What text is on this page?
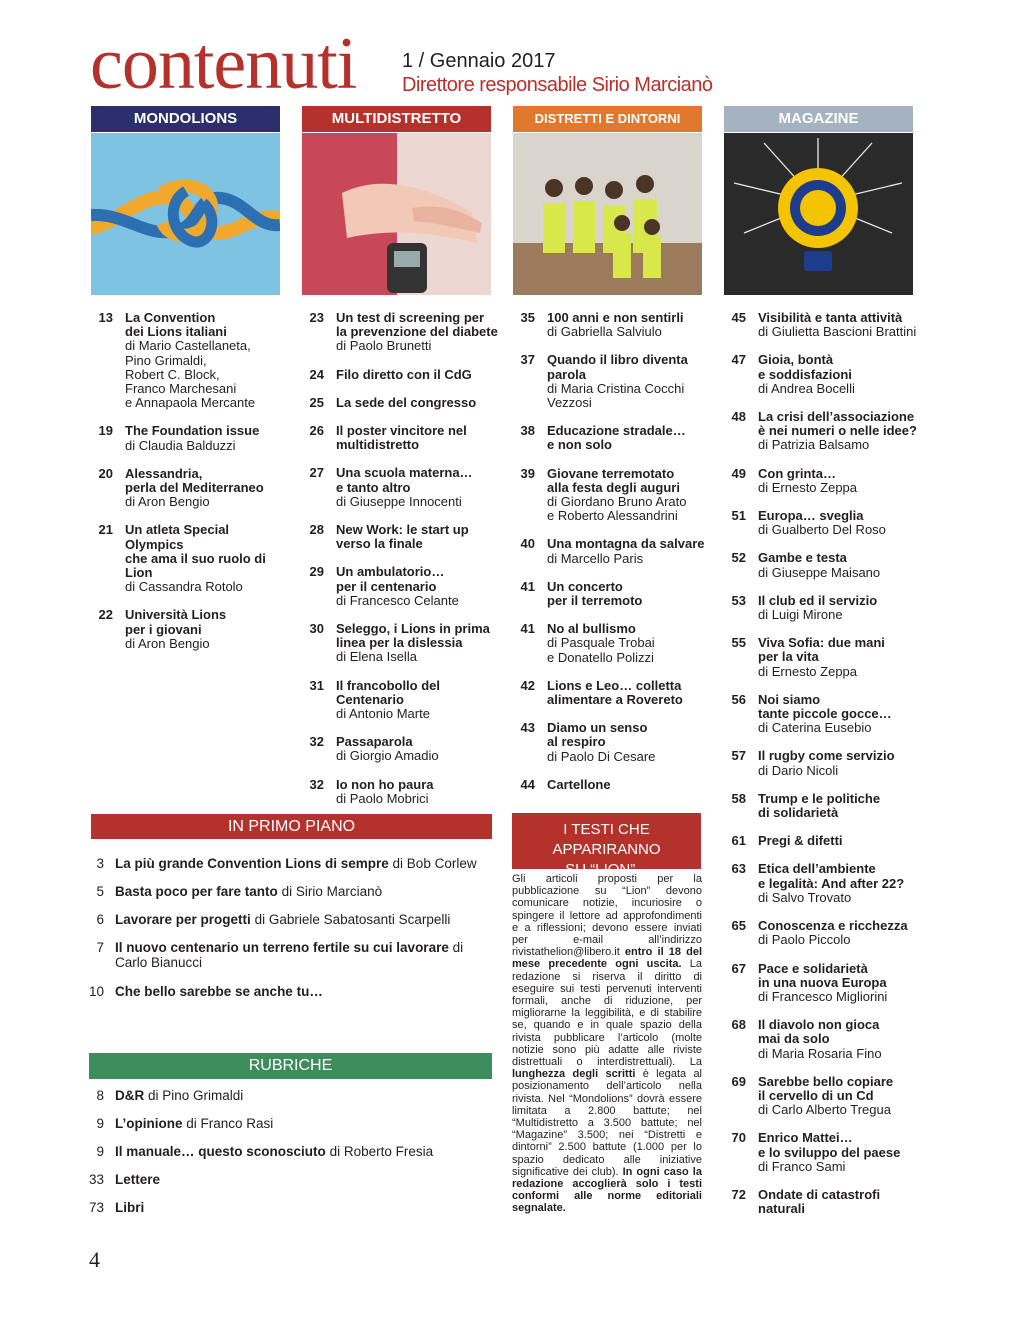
contenuti 1 / Gennaio 2017
Direttore responsabile Sirio Marcianò
MONDOLIONS	MULTIDISTRETTO	DISTRETTI E DINTORNI	MAGAZINE
13 La Convention
dei Lions italiani
di Mario Castellaneta,
Pino Grimaldi,
Robert C. Block,
Franco Marchesani
e Annapaola Mercante
19 The Foundation issue
di Claudia Balduzzi
20 Alessandria,
perla del Mediterraneo
di Aron Bengio
21 Un atleta Special Olympics
che ama il suo ruolo di Lion
di Cassandra Rotolo
22 Università Lions
per i giovani
di Aron Bengio
23 Un test di screening per
la prevenzione del diabete
di Paolo Brunetti
24 Filo diretto con il CdG
25 La sede del congresso
26 Il poster vincitore nel
multidistretto
27 Una scuola materna…
e tanto altro
di Giuseppe Innocenti
28 New Work: le start up
verso la finale
29 Un ambulatorio…
per il centenario
di Francesco Celante
30 Seleggo, i Lions in prima
linea per la dislessia
di Elena Isella
31 Il francobollo del Centenario
di Antonio Marte
32 Passaparola
di Giorgio Amadio
32 Io non ho paura
di Paolo Mobrici
35 100 anni e non sentirli
di Gabriella Salviulo
37 Quando il libro diventa
parola
di Maria Cristina Cocchi Vezzosi
38 Educazione stradale…
e non solo
39 Giovane terremotato
alla festa degli auguri
di Giordano Bruno Arato
e Roberto Alessandrini
40 Una montagna da salvare
di Marcello Paris
41 Un concerto
per il terremoto
41 No al bullismo
di Pasquale Trobai
e Donatello Polizzi
42 Lions e Leo… colletta
alimentare a Rovereto
43 Diamo un senso
al respiro
di Paolo Di Cesare
44 Cartellone
45 Visibilità e tanta attività
di Giulietta Bascioni Brattini
47 Gioia, bontà
e soddisfazioni
di Andrea Bocelli
48 La crisi dell’associazione
è nei numeri o nelle idee?
di Patrizia Balsamo
49 Con grinta…
di Ernesto Zeppa
51 Europa… sveglia
di Gualberto Del Roso
52 Gambe e testa
di Giuseppe Maisano
53 Il club ed il servizio
di Luigi Mirone
55 Viva Sofia: due mani
per la vita
di Ernesto Zeppa
56 Noi siamo
tante piccole gocce…
di Caterina Eusebio
57 Il rugby come servizio
di Dario Nicoli
58 Trump e le politiche
di solidarietà
61 Pregi & difetti
63 Etica dell’ambiente
e legalità: And after 22?
di Salvo Trovato
65 Conoscenza e ricchezza
di Paolo Piccolo
67 Pace e solidarietà
in una nuova Europa
di Francesco Migliorini
68 Il diavolo non gioca
mai da solo
di Maria Rosaria Fino
69 Sarebbe bello copiare
il cervello di un Cd
di Carlo Alberto Tregua
70 Enrico Mattei…
e lo sviluppo del paese
di Franco Sami
72 Ondate di catastrofi
naturali
IN PRIMO PIANO
3 La più grande Convention Lions di sempre di Bob Corlew
5 Basta poco per fare tanto di Sirio Marcianò
6 Lavorare per progetti di Gabriele Sabatosanti Scarpelli
7 Il nuovo centenario un terreno fertile su cui lavorare di Carlo Bianucci
10 Che bello sarebbe se anche tu…
RUBRICHE
8 D&R di Pino Grimaldi
9 L’opinione di Franco Rasi
9 Il manuale… questo sconosciuto di Roberto Fresia
33 Lettere
73 Libri
I TESTI CHE APPARIRANNO
SU “LION”...
Gli articoli proposti per la pubblicazione su “Lion” devono comunicare notizie, incuriosire o spingere il lettore ad approfondimenti e a riflessioni; devono essere inviati per e-mail all’indirizzo rivistathelion@libero.it entro il 18 del mese precedente ogni uscita. La redazione si riserva il diritto di eseguire sui testi pervenuti interventi formali, anche di riduzione, per migliorarne la leggibilità, e di stabilire se, quando e in quale spazio della rivista pubblicare l’articolo (molte notizie sono più adatte alle riviste distrettuali o interdistrettuali). La lunghezza degli scritti è legata al posizionamento dell’articolo nella rivista. Nel “Mondolions” dovrà essere limitata a 2.800 battute; nel “Multidistretto a 3.500 battute; nel “Magazine” 3.500; nei “Distretti e dintorni” 2.500 battute (1.000 per lo spazio dedicato alle iniziative significative dei club). In ogni caso la redazione accoglierà solo i testi conformi alle norme editoriali segnalate.
4
